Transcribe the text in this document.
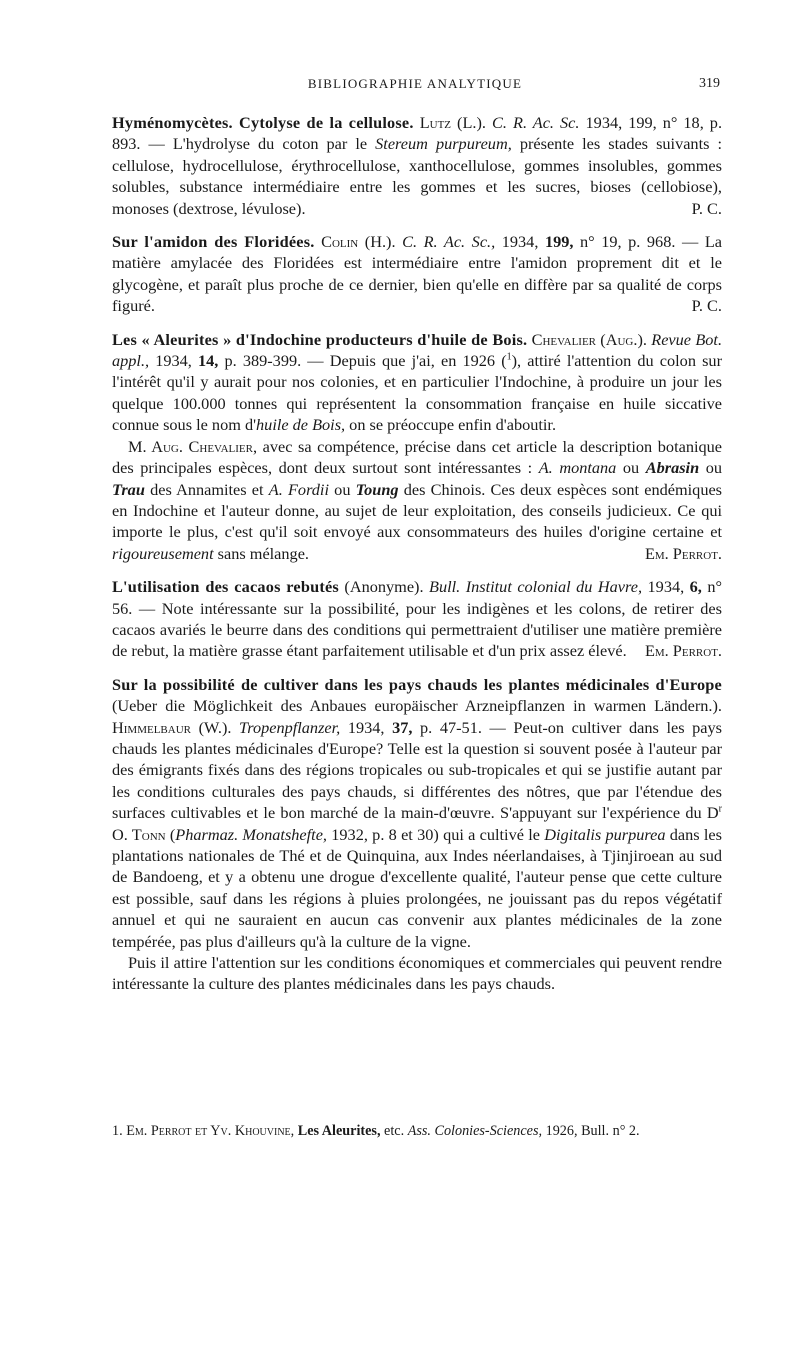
BIBLIOGRAPHIE ANALYTIQUE	319

Hyménomycètes. Cytolyse de la cellulose. Lutz (L.). C. R. Ac. Sc. 1934, 199, n° 18, p. 893. — L'hydrolyse du coton par le Stereum purpureum, présente les stades suivants : cellulose, hydrocellulose, érythrocellulose, xanthocellulose, gommes insolubles, gommes solubles, substance intermédiaire entre les gommes et les sucres, bioses (cellobiose), monoses (dextrose, lévulose).	P. C.

Sur l'amidon des Floridées. Colin (H.). C. R. Ac. Sc., 1934, 199, n° 19, p. 968. — La matière amylacée des Floridées est intermédiaire entre l'amidon proprement dit et le glycogène, et paraît plus proche de ce dernier, bien qu'elle en diffère par sa qualité de corps figuré.	P. C.

Les « Aleurites » d'Indochine producteurs d'huile de Bois. Chevalier (Aug.). Revue Bot. appl., 1934, 14, p. 389-399. — Depuis que j'ai, en 1926 ($^1$), attiré l'attention du colon sur l'intérêt qu'il y aurait pour nos colonies, et en particulier l'Indochine, à produire un jour les quelque 100.000 tonnes qui représentent la consommation française en huile siccative connue sous le nom d'huile de Bois, on se préoccupe enfin d'aboutir.

M. Aug. Chevalier, avec sa compétence, précise dans cet article la description botanique des principales espèces, dont deux surtout sont intéressantes : A. montana ou Abrasin ou Trau des Annamites et A. Fordii ou Toung des Chinois. Ces deux espèces sont endémiques en Indochine et l'auteur donne, au sujet de leur exploitation, des conseils judicieux. Ce qui importe le plus, c'est qu'il soit envoyé aux consommateurs des huiles d'origine certaine et rigoureusement sans mélange.	Em. Perrot.

L'utilisation des cacaos rebutés (Anonyme). Bull. Institut colonial du Havre, 1934, 6, n° 56. — Note intéressante sur la possibilité, pour les indigènes et les colons, de retirer des cacaos avariés le beurre dans des conditions qui permettraient d'utiliser une matière première de rebut, la matière grasse étant parfaitement utilisable et d'un prix assez élevé.	Em. Perrot.

Sur la possibilité de cultiver dans les pays chauds les plantes médicinales d'Europe (Ueber die Möglichkeit des Anbaues europäischer Arzneipflanzen in warmen Ländern.). Himmelbaur (W.). Tropenpflanzer, 1934, 37, p. 47-51. — Peut-on cultiver dans les pays chauds les plantes médicinales d'Europe? Telle est la question si souvent posée à l'auteur par des émigrants fixés dans des régions tropicales ou sub-tropicales et qui se justifie autant par les conditions culturales des pays chauds, si différentes des nôtres, que par l'étendue des surfaces cultivables et le bon marché de la main-d'œuvre. S'appuyant sur l'expérience du $D^r$ O. Tonn (Pharmaz. Monatshefte, 1932, p. 8 et 30) qui a cultivé le Digitalis purpurea dans les plantations nationales de Thé et de Quinquina, aux Indes néerlandaises, à Tjinjiroean au sud de Bandoeng, et y a obtenu une drogue d'excellente qualité, l'auteur pense que cette culture est possible, sauf dans les régions à pluies prolongées, ne jouissant pas du repos végétatif annuel et qui ne sauraient en aucun cas convenir aux plantes médicinales de la zone tempérée, pas plus d'ailleurs qu'à la culture de la vigne.

Puis il attire l'attention sur les conditions économiques et commerciales qui peuvent rendre intéressante la culture des plantes médicinales dans les pays chauds.

1. Em. Perrot et Yv. Khouvine, Les Aleurites, etc. Ass. Colonies-Sciences, 1926, Bull. n° 2.
